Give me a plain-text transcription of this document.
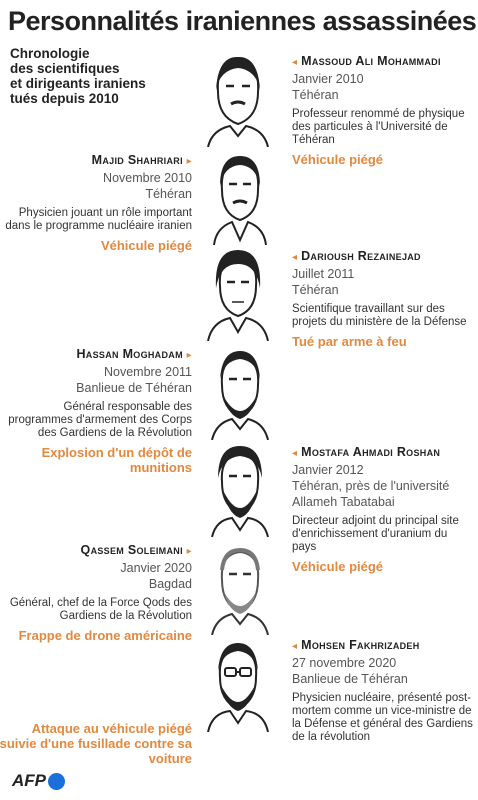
Personnalités iraniennes assassinées
Chronologie
des scientifiques
et dirigeants iraniens
tués depuis 2010
◂ Massoud Ali Mohammadi
Janvier 2010
Téhéran
Professeur renommé de physique des particules à l'Université de Téhéran
Véhicule piégé
Majid Shahriari ▸
Novembre 2010
Téhéran
Physicien jouant un rôle important dans le programme nucléaire iranien
Véhicule piégé
◂ Darioush Rezainejad
Juillet 2011
Téhéran
Scientifique travaillant sur des projets du ministère de la Défense
Tué par arme à feu
Hassan Moghadam ▸
Novembre 2011
Banlieue de Téhéran
Général responsable des programmes d'armement des Corps des Gardiens de la Révolution
Explosion d'un dépôt de munitions
◂ Mostafa Ahmadi Roshan
Janvier 2012
Téhéran, près de l'université Allameh Tabatabai
Directeur adjoint du principal site d'enrichissement d'uranium du pays
Véhicule piégé
Qassem Soleimani ▸
Janvier 2020
Bagdad
Général, chef de la Force Qods des Gardiens de la Révolution
Frappe de drone américaine
◂ Mohsen Fakhrizadeh
27 novembre 2020
Banlieue de Téhéran
Physicien nucléaire, présenté post-mortem comme un vice-ministre de la Défense et général des Gardiens de la révolution
Attaque au véhicule piégé suivie d'une fusillade contre sa voiture
AFP
